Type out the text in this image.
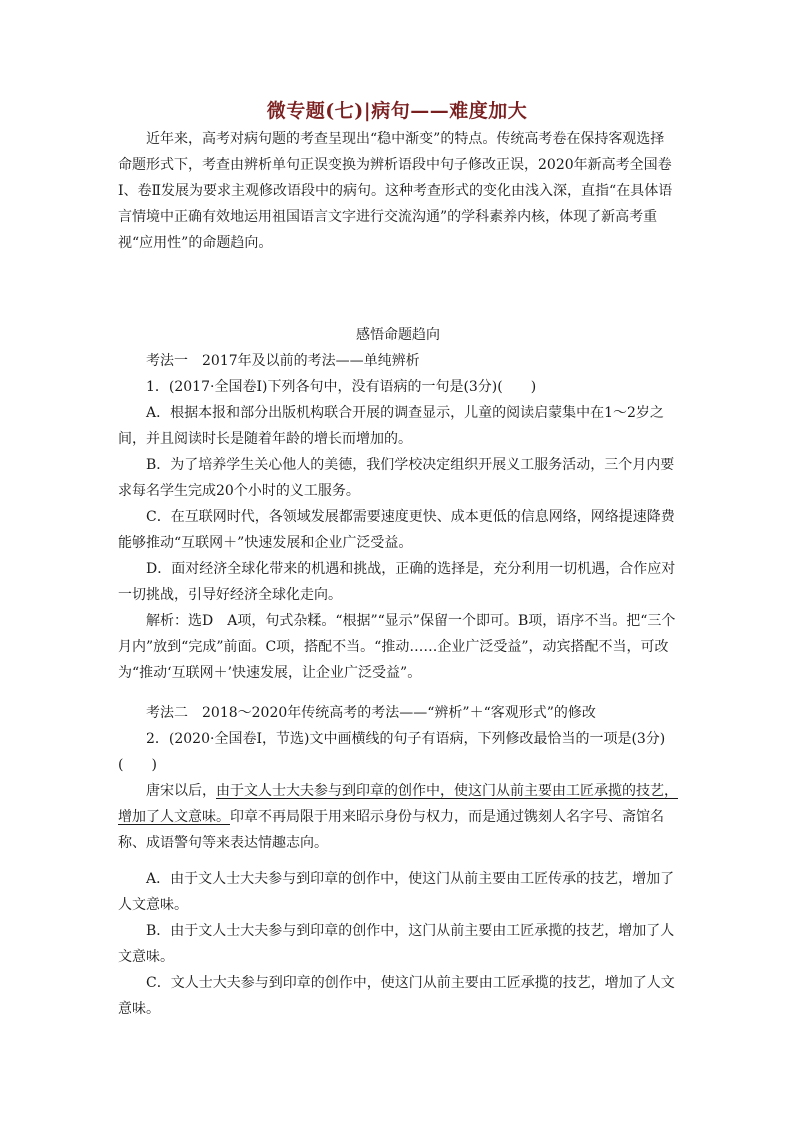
微专题(七)|病句——难度加大

近年来，高考对病句题的考查呈现出“稳中渐变”的特点。传统高考卷在保持客观选择命题形式下，考查由辨析单句正误变换为辨析语段中句子修改正误，2020年新高考全国卷Ⅰ、卷Ⅱ发展为要求主观修改语段中的病句。这种考查形式的变化由浅入深，直指“在具体语言情境中正确有效地运用祖国语言文字进行交流沟通”的学科素养内核，体现了新高考重视“应用性”的命题趋向。

感悟命题趋向

考法一　2017年及以前的考法——单纯辨析

1．(2017·全国卷Ⅰ)下列各句中，没有语病的一句是(3分)(　　)

A．根据本报和部分出版机构联合开展的调查显示，儿童的阅读启蒙集中在1～2岁之间，并且阅读时长是随着年龄的增长而增加的。

B．为了培养学生关心他人的美德，我们学校决定组织开展义工服务活动，三个月内要求每名学生完成20个小时的义工服务。

C．在互联网时代，各领域发展都需要速度更快、成本更低的信息网络，网络提速降费能够推动“互联网＋”快速发展和企业广泛受益。

D．面对经济全球化带来的机遇和挑战，正确的选择是，充分利用一切机遇，合作应对一切挑战，引导好经济全球化走向。

解析：选D　A项，句式杂糅。“根据”“显示”保留一个即可。B项，语序不当。把“三个月内”放到“完成”前面。C项，搭配不当。“推动……企业广泛受益”，动宾搭配不当，可改为“推动‘互联网＋’快速发展，让企业广泛受益”。

考法二　2018～2020年传统高考的考法——“辨析”＋“客观形式”的修改

2．(2020·全国卷Ⅰ，节选)文中画横线的句子有语病，下列修改最恰当的一项是(3分)(　　)

唐宋以后，由于文人士大夫参与到印章的创作中，使这门从前主要由工匠承揽的技艺，增加了人文意味。印章不再局限于用来昭示身份与权力，而是通过镌刻人名字号、斋馆名称、成语警句等来表达情趣志向。

A．由于文人士大夫参与到印章的创作中，使这门从前主要由工匠传承的技艺，增加了人文意味。

B．由于文人士大夫参与到印章的创作中，这门从前主要由工匠承揽的技艺，增加了人文意味。

C．文人士大夫参与到印章的创作中，使这门从前主要由工匠承揽的技艺，增加了人文意味。
